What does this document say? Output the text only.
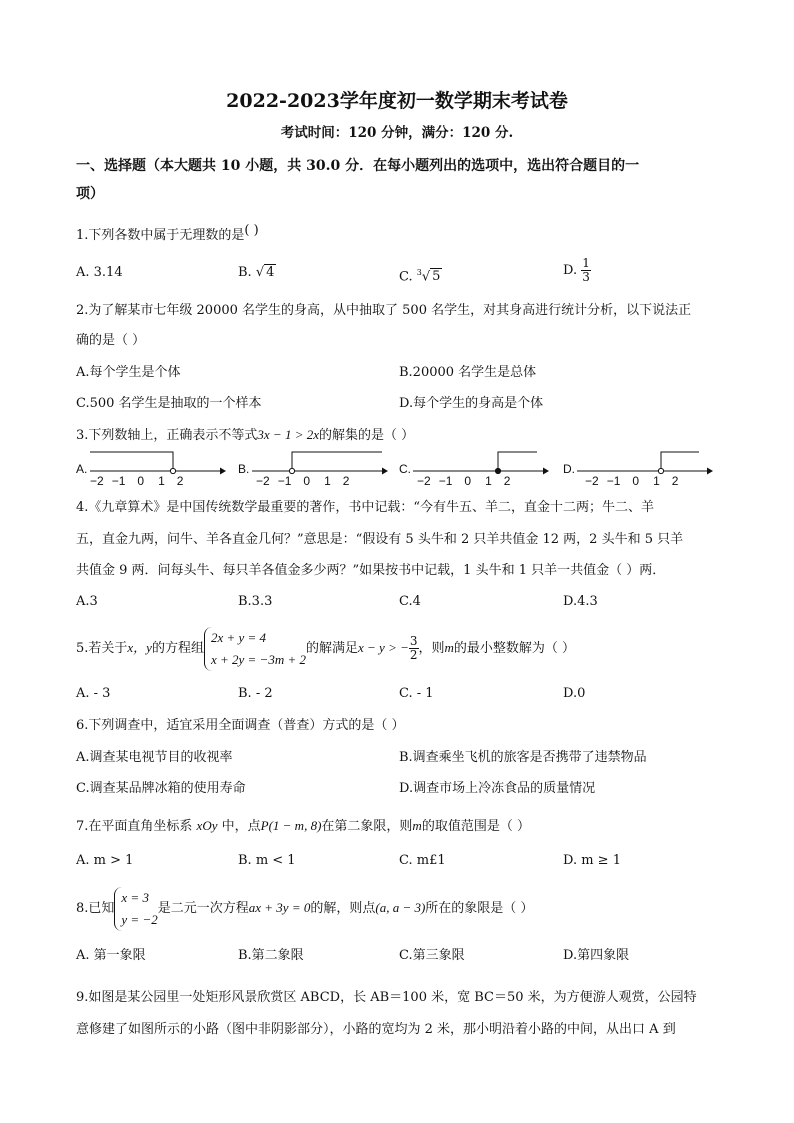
2022-2023学年度初一数学期末考试卷
考试时间：120 分钟，满分：120 分.
一、选择题（本大题共 10 小题，共 30.0 分．在每小题列出的选项中，选出符合题目的一
项）
1.下列各数中属于无理数的是( )
A. 3.14	B. √ 4	C. $^3$√ 5	D. $\frac{1}{3}$
2.为了解某市七年级 20000 名学生的身高，从中抽取了 500 名学生，对其身高进行统计分析，以下说法正
确的是（ ）
A.每个学生是个体	B.20000 名学生是总体
C.500 名学生是抽取的一个样本	D.每个学生的身高是个体
3.下列数轴上，正确表示不等式3x − 1 > 2x的解集的是（ ）
A.	B.	C.	D.
−2 −1 0 1 2	−2 −1 0 1 2	−2 −1 0 1 2	−2 −1 0 1 2
4.《九章算术》是中国传统数学最重要的著作，书中记载：“今有牛五、羊二，直金十二两；牛二、羊
五，直金九两，问牛、羊各直金几何？”意思是：“假设有 5 头牛和 2 只羊共值金 12 两，2 头牛和 5 只羊
共值金 9 两．问每头牛、每只羊各值金多少两？”如果按书中记载，1 头牛和 1 只羊一共值金（ ）两．
A.3	B.3.3	C.4	D.4.3
5.若关于x，y的方程组
2x + y = 4
x + 2y = −3m + 2
的解满足x − y > − $\frac{3}{2}$ ，则m的最小整数解为（ ）
A. - 3	B. - 2	C. - 1	D.0
6.下列调查中，适宜采用全面调查（普查）方式的是（ ）
A.调查某电视节目的收视率	B.调查乘坐飞机的旅客是否携带了违禁物品
C.调查某品牌冰箱的使用寿命	D.调查市场上冷冻食品的质量情况
7.在平面直角坐标系 xOy 中，点P(1 − m, 8)在第二象限，则m的取值范围是（ ）
A. m > 1	B. m < 1	C. m£1	D. m ≥ 1
8.已知
x = 3
y = −2
是二元一次方程ax + 3y = 0的解，则点(a, a − 3)所在的象限是（ ）
A. 第一象限	B.第二象限	C.第三象限	D.第四象限
9.如图是某公园里一处矩形风景欣赏区 ABCD，长 AB＝100 米，宽 BC＝50 米，为方便游人观赏，公园特
意修建了如图所示的小路（图中非阴影部分），小路的宽均为 2 米，那小明沿着小路的中间，从出口 A 到
